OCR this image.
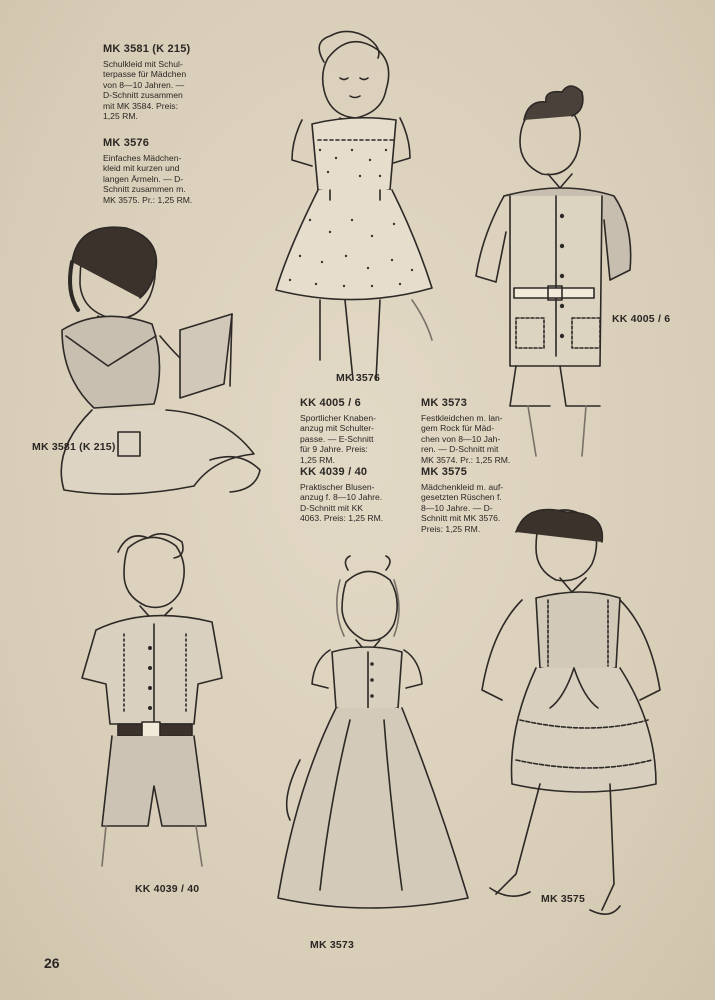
MK 3581 (K 215)
Schulkleid mit Schul-
terpasse für Mädchen
von 8—10 Jahren. —
D-Schnitt zusammen
mit MK 3584. Preis:
1,25 RM.
MK 3576
Einfaches Mädchen-
kleid mit kurzen und
langen Ärmeln. — D-
Schnitt zusammen m.
MK 3575. Pr.: 1,25 RM.
KK 4005 / 6
Sportlicher Knaben-
anzug mit Schulter-
passe. — E-Schnitt
für 9 Jahre. Preis:
1,25 RM.
KK 4039 / 40
Praktischer Blusen-
anzug f. 8—10 Jahre.
D-Schnitt mit KK
4063. Preis: 1,25 RM.
MK 3573
Festkleidchen m. lan-
gem Rock für Mäd-
chen von 8—10 Jah-
ren. — D-Schnitt mit
MK 3574. Pr.: 1,25 RM.
MK 3575
Mädchenkleid m. auf-
gesetzten Rüschen f.
8—10 Jahre. — D-
Schnitt mit MK 3576.
Preis: 1,25 RM.
MK 3576
KK 4005 / 6
MK 3581 (K 215)
KK 4039 / 40
MK 3573
MK 3575
26
